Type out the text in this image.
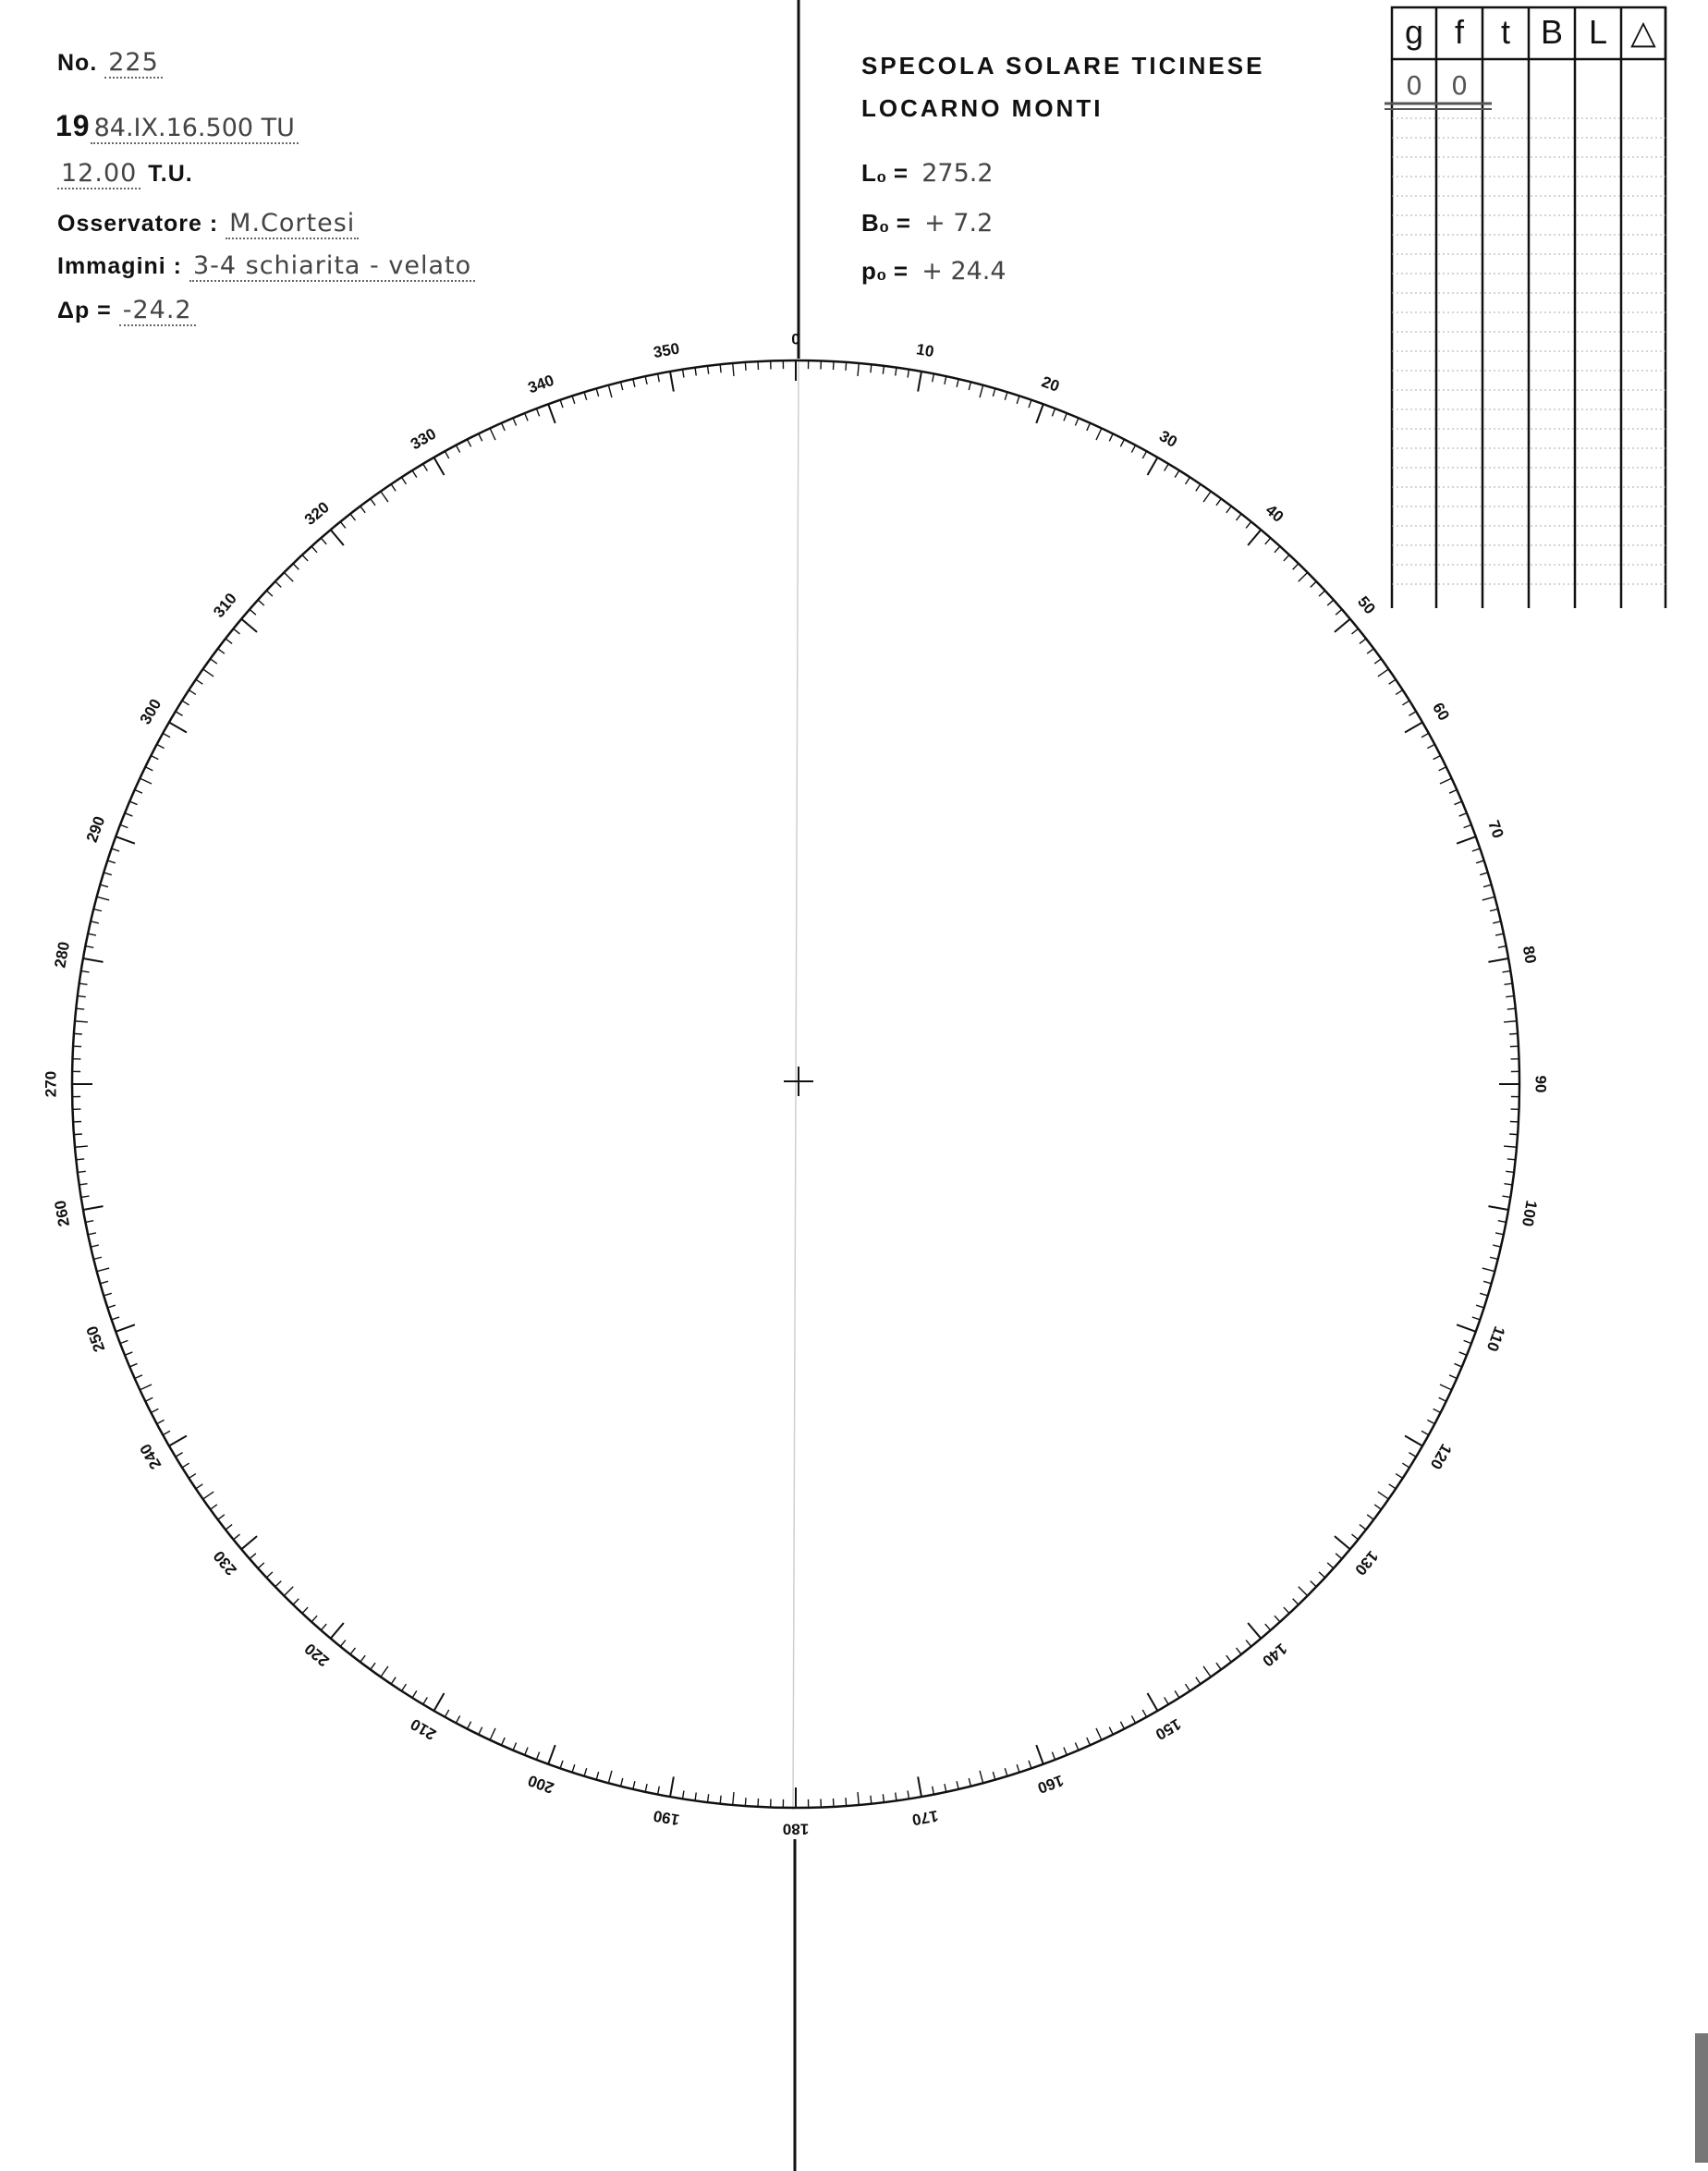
No. 225
19 84.IX.16.500 TU
12.00 T.U.
Osservatore : M.Cortesi
Immagini : 3-4 schiarita - velato
Δp = -24.2
SPECOLA SOLARE TICINESE
LOCARNO MONTI
L₀ = 275.2
B₀ = + 7.2
p₀ = + 24.4
0
10
20
30
40
50
60
70
80
90
100
110
120
130
140
150
160
170
180
190
200
210
220
230
240
250
260
270
280
290
300
310
320
330
340
350
g f	t B L △
0	0
